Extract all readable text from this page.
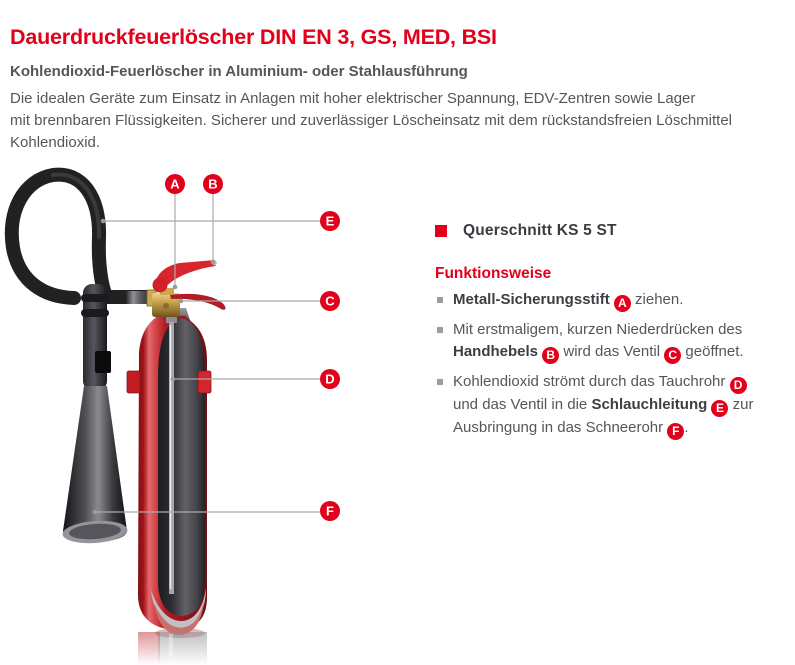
Dauerdruckfeuerlöscher DIN EN 3, GS, MED, BSI
Kohlendioxid-Feuerlöscher in Aluminium- oder Stahlausführung
Die idealen Geräte zum Einsatz in Anlagen mit hoher elektrischer Spannung, EDV-Zentren sowie Lager
mit brennbaren Flüssigkeiten. Sicherer und zuverlässiger Löscheinsatz mit dem rückstandsfreien Löschmittel
Kohlendioxid.
A B
E
C
D
F
Querschnitt KS 5 ST
Funktionsweise
Metall-Sicherungsstift A ziehen.
Mit erstmaligem, kurzen Niederdrücken des
Handhebels B wird das Ventil C geöffnet.
Kohlendioxid strömt durch das Tauchrohr D
und das Ventil in die Schlauchleitung E zur
Ausbringung in das Schneerohr F .
